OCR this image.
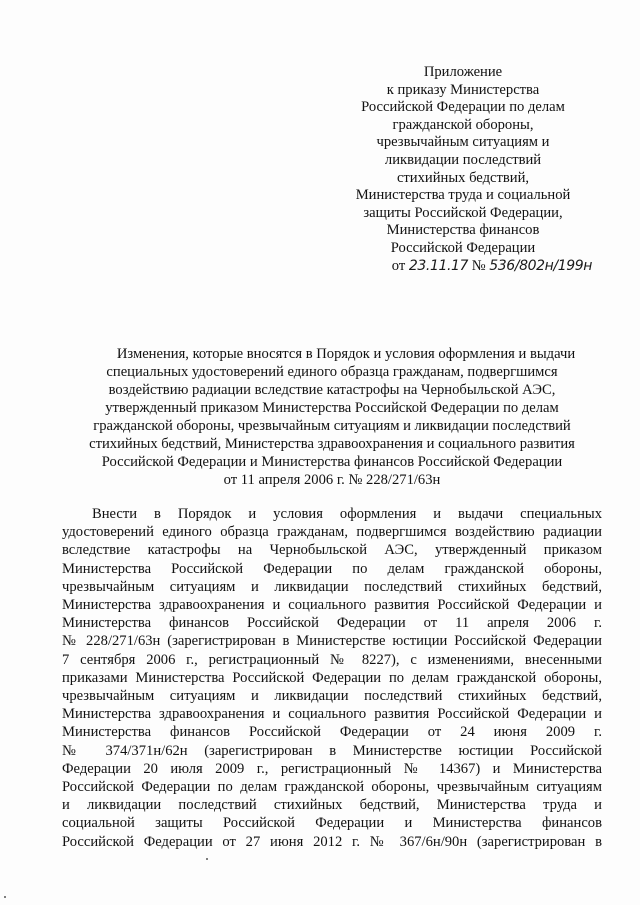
Приложение
к приказу Министерства
Российской Федерации по делам
гражданской обороны,
чрезвычайным ситуациям и
ликвидации последствий
стихийных бедствий,
Министерства труда и социальной
защиты Российской Федерации,
Министерства финансов
Российской Федерации
от 23.11.17 № 536/802н/199н
Изменения, которые вносятся в Порядок и условия оформления и выдачи
специальных удостоверений единого образца гражданам, подвергшимся
воздействию радиации вследствие катастрофы на Чернобыльской АЭС,
утвержденный приказом Министерства Российской Федерации по делам
гражданской обороны, чрезвычайным ситуациям и ликвидации последствий
стихийных бедствий, Министерства здравоохранения и социального развития
Российской Федерации и Министерства финансов Российской Федерации
от 11 апреля 2006 г. № 228/271/63н
Внести в Порядок и условия оформления и выдачи специальных
удостоверений единого образца гражданам, подвергшимся воздействию радиации
вследствие катастрофы на Чернобыльской АЭС, утвержденный приказом
Министерства Российской Федерации по делам гражданской обороны,
чрезвычайным ситуациям и ликвидации последствий стихийных бедствий,
Министерства здравоохранения и социального развития Российской Федерации и
Министерства финансов Российской Федерации от 11 апреля 2006 г.
№ 228/271/63н (зарегистрирован в Министерстве юстиции Российской Федерации
7 сентября 2006 г., регистрационный № 8227), с изменениями, внесенными
приказами Министерства Российской Федерации по делам гражданской обороны,
чрезвычайным ситуациям и ликвидации последствий стихийных бедствий,
Министерства здравоохранения и социального развития Российской Федерации и
Министерства финансов Российской Федерации от 24 июня 2009 г.
№ 374/371н/62н (зарегистрирован в Министерстве юстиции Российской
Федерации 20 июля 2009 г., регистрационный № 14367) и Министерства
Российской Федерации по делам гражданской обороны, чрезвычайным ситуациям
и ликвидации последствий стихийных бедствий, Министерства труда и
социальной защиты Российской Федерации и Министерства финансов
Российской Федерации от 27 июня 2012 г. № 367/6н/90н (зарегистрирован в
